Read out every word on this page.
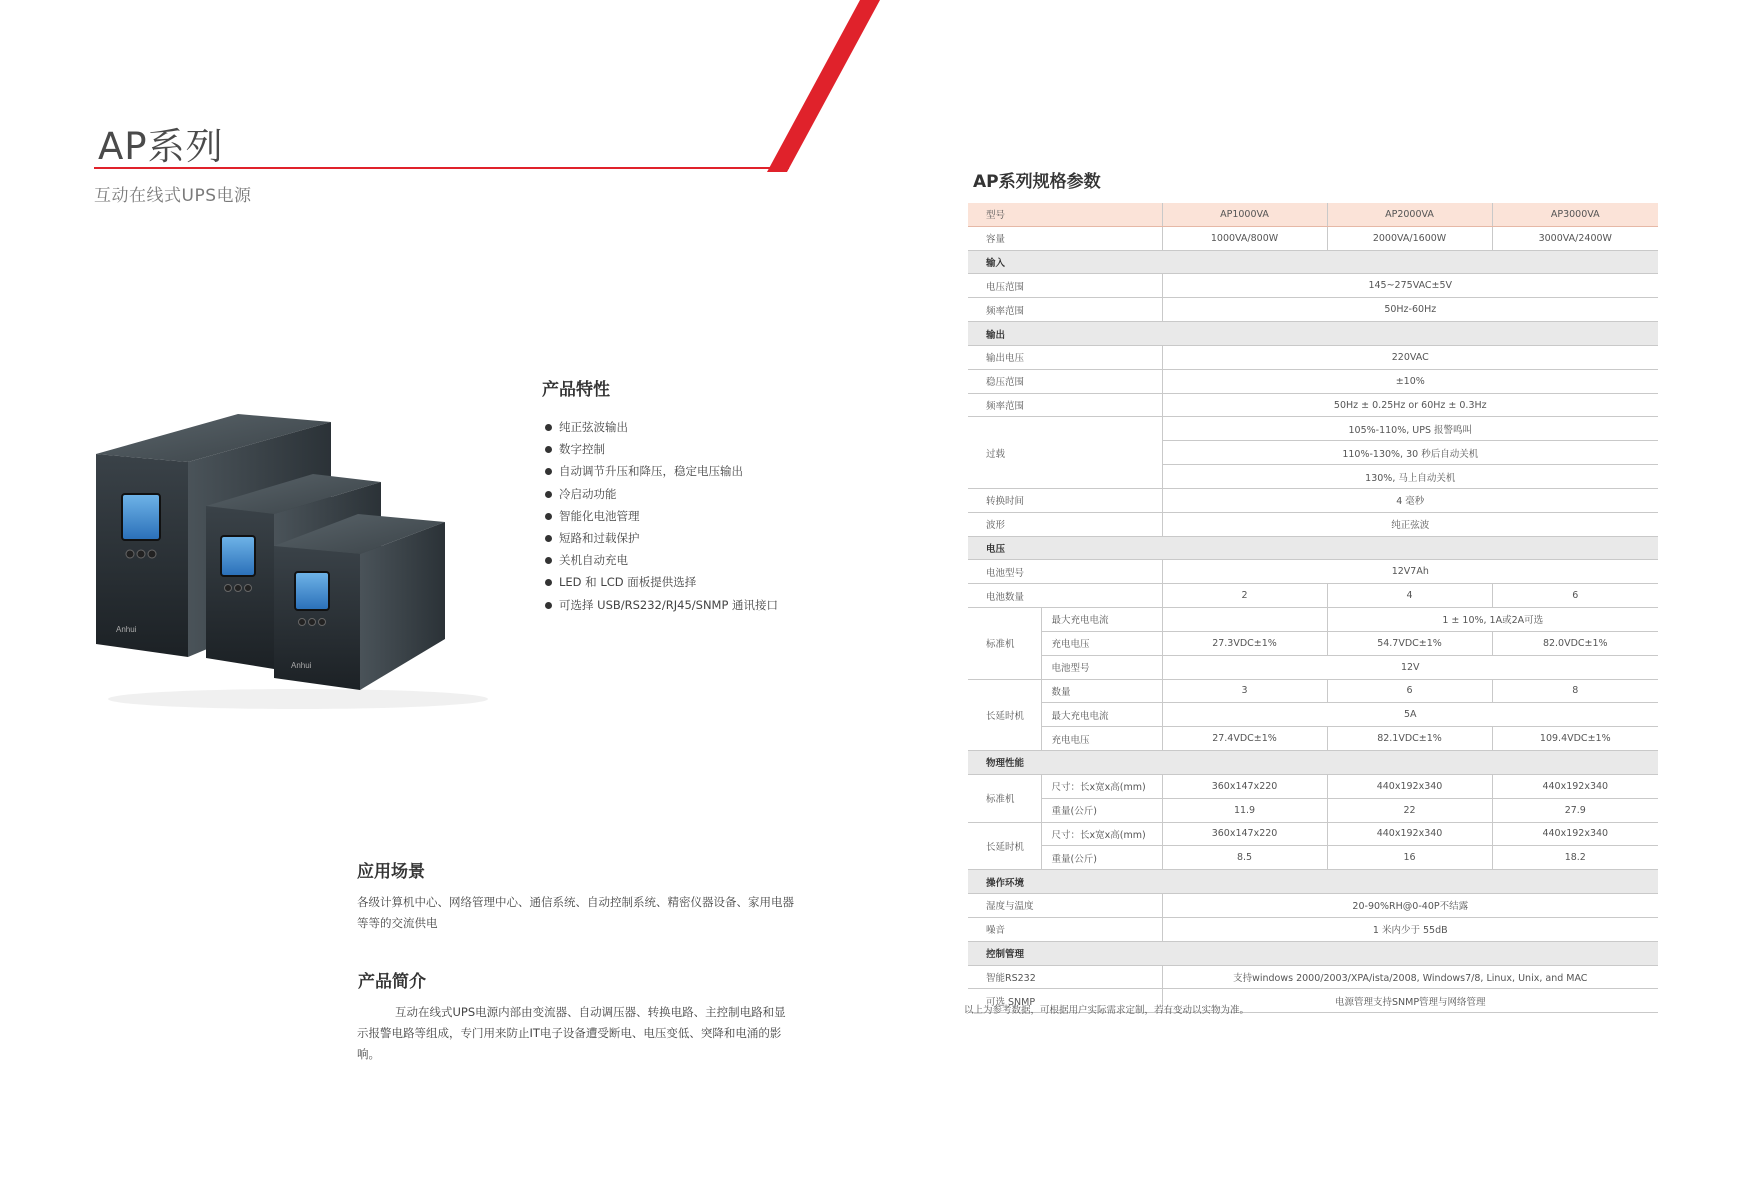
AP系列
互动在线式UPS电源
Anhui
Anhui
产品特性
纯正弦波输出
数字控制
自动调节升压和降压，稳定电压输出
冷启动功能
智能化电池管理
短路和过载保护
关机自动充电
LED 和 LCD 面板提供选择
可选择 USB/RS232/RJ45/SNMP 通讯接口
应用场景
各级计算机中心、网络管理中心、通信系统、自动控制系统、精密仪器设备、家用电器等等的交流供电
产品简介
互动在线式UPS电源内部由变流器、自动调压器、转换电路、主控制电路和显示报警电路等组成，专门用来防止IT电子设备遭受断电、电压变低、突降和电涌的影响。
AP系列规格参数
型号		AP1000VA	AP2000VA	AP3000VA
容量		1000VA/800W	2000VA/1600W	3000VA/2400W
输入				
电压范围		145~275VAC±5V		
频率范围		50Hz-60Hz		
输出				
输出电压		220VAC		
稳压范围		±10%		
频率范围		50Hz ± 0.25Hz or 60Hz ± 0.3Hz		
过载		105%-110%, UPS 报警鸣叫		
		110%-130%, 30 秒后自动关机		
		130%, 马上自动关机		
转换时间		4 毫秒		
波形		纯正弦波		
电压				
电池型号		12V7Ah		
电池数量		2	4	6
标准机	最大充电电流		1 ± 10%, 1A或2A可选	
	充电电压	27.3VDC±1%	54.7VDC±1%	82.0VDC±1%
	电池型号	12V		
长延时机	数量	3	6	8
	最大充电电流	5A		
	充电电压	27.4VDC±1%	82.1VDC±1%	109.4VDC±1%
物理性能				
标准机	尺寸：长x宽x高(mm)	360x147x220	440x192x340	440x192x340
	重量(公斤)	11.9	22	27.9
长延时机	尺寸：长x宽x高(mm)	360x147x220	440x192x340	440x192x340
	重量(公斤)	8.5	16	18.2
操作环境				
湿度与温度		20-90%RH@0-40P不结露		
噪音		1 米内少于 55dB		
控制管理				
智能RS232		支持windows 2000/2003/XPA/ista/2008, Windows7/8, Linux, Unix, and MAC		
可选 SNMP		电源管理支持SNMP管理与网络管理		
以上为参考数据，可根据用户实际需求定制，若有变动以实物为准。
